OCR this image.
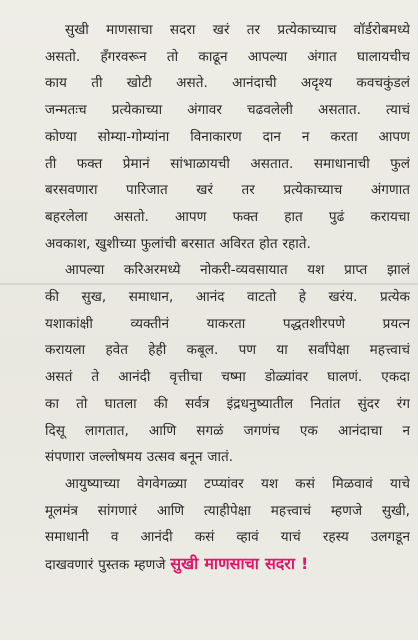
सुखी माणसाचा सदरा खरं तर प्रत्येकाच्याच वॉर्डरोबमध्ये
असतो. हँगरवरून तो काढून आपल्या अंगात घालायचीच
काय ती खोटी असते. आनंदाची अदृश्य कवचकुंडलं
जन्मतःच प्रत्येकाच्या अंगावर चढवलेली असतात. त्याचं
कोण्या सोम्या-गोम्यांना विनाकारण दान न करता आपण
ती फक्त प्रेमानं सांभाळायची असतात. समाधानाची फुलं
बरसवणारा पारिजात खरं तर प्रत्येकाच्याच अंगणात
बहरलेला असतो. आपण फक्त हात पुढं करायचा
अवकाश, खुशीच्या फुलांची बरसात अविरत होत रहाते.
आपल्या करिअरमध्ये नोकरी-व्यवसायात यश प्राप्त झालं
की सुख, समाधान, आनंद वाटतो हे खरंय. प्रत्येक
यशाकांक्षी व्यक्तीनं याकरता पद्धतशीरपणे प्रयत्न
करायला हवेत हेही कबूल. पण या सर्वांपेक्षा महत्त्वाचं
असतं ते आनंदी वृत्तीचा चष्मा डोळ्यांवर घालणं. एकदा
का तो घातला की सर्वत्र इंद्रधनुष्यातील नितांत सुंदर रंग
दिसू लागतात, आणि सगळं जगणंच एक आनंदाचा न
संपणारा जल्लोषमय उत्सव बनून जातं.
आयुष्याच्या वेगवेगळ्या टप्प्यांवर यश कसं मिळवावं याचे
मूलमंत्र सांगणारं आणि त्याहीपेक्षा महत्त्वाचं म्हणजे सुखी,
समाधानी व आनंदी कसं व्हावं याचं रहस्य उलगडून
दाखवणारं पुस्तक म्हणजे सुखी माणसाचा सदरा !
